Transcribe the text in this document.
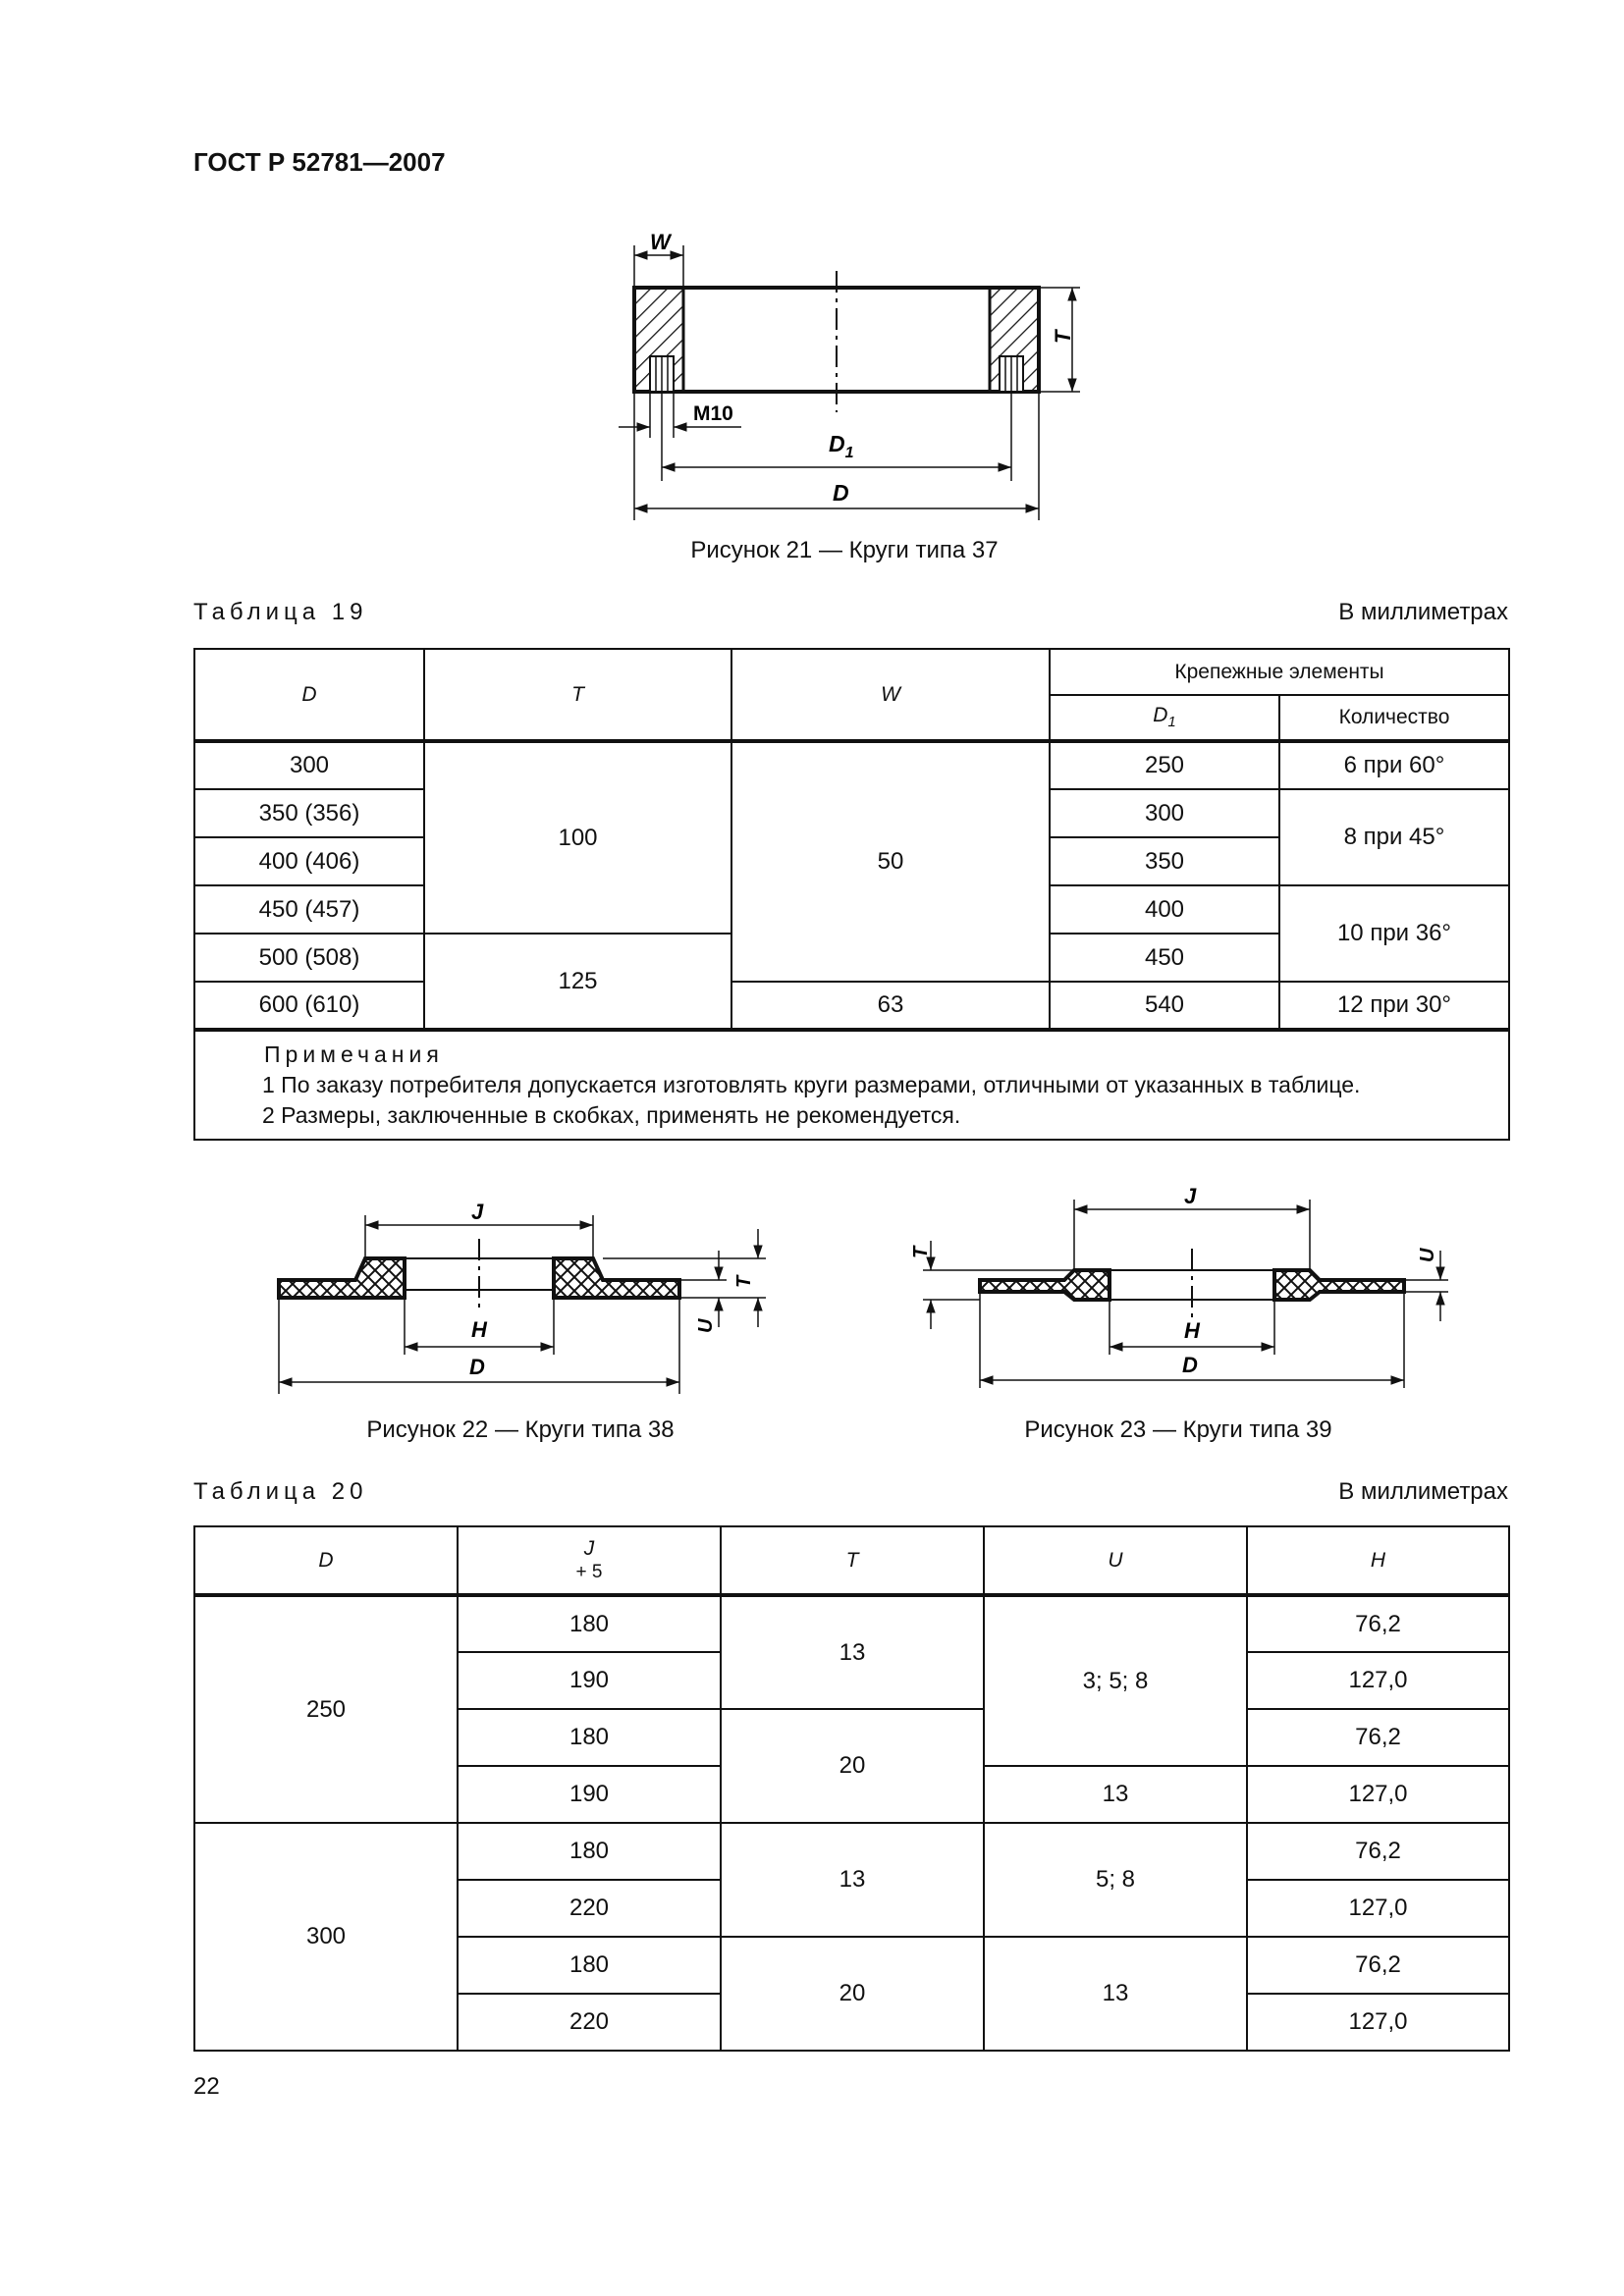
ГОСТ Р 52781—2007
W
T
M10
$D_1$
D
Рисунок 21 — Круги типа 37
Таблица 19	В миллиметрах
D	T	W	Крепежные элементы	
			$D_1$	Количество
300	100	50	250	6 при 60°
350 (356)			300	8 при 45°
400 (406)			350	
450 (457)			400	10 при 36°
500 (508)	125		450	
600 (610)		63	540	12 при 30°

Примечания
1 По заказу потребителя допускается изготовлять круги размерами, отличными от указанных в таблице.
2 Размеры, заключенные в скобках, применять не рекомендуется.				
J
H
D
T
U
Рисунок 22 — Круги типа 38
J
H
D
T	U
Рисунок 23 — Круги типа 39
Таблица 20	В миллиметрах
D	J
+ 5	T	U	H
250	180	13	3; 5; 8	76,2
	190			127,0
	180	20		76,2
	190		13	127,0
300	180	13	5; 8	76,2
	220			127,0
	180	20	13	76,2
	220			127,0
22
